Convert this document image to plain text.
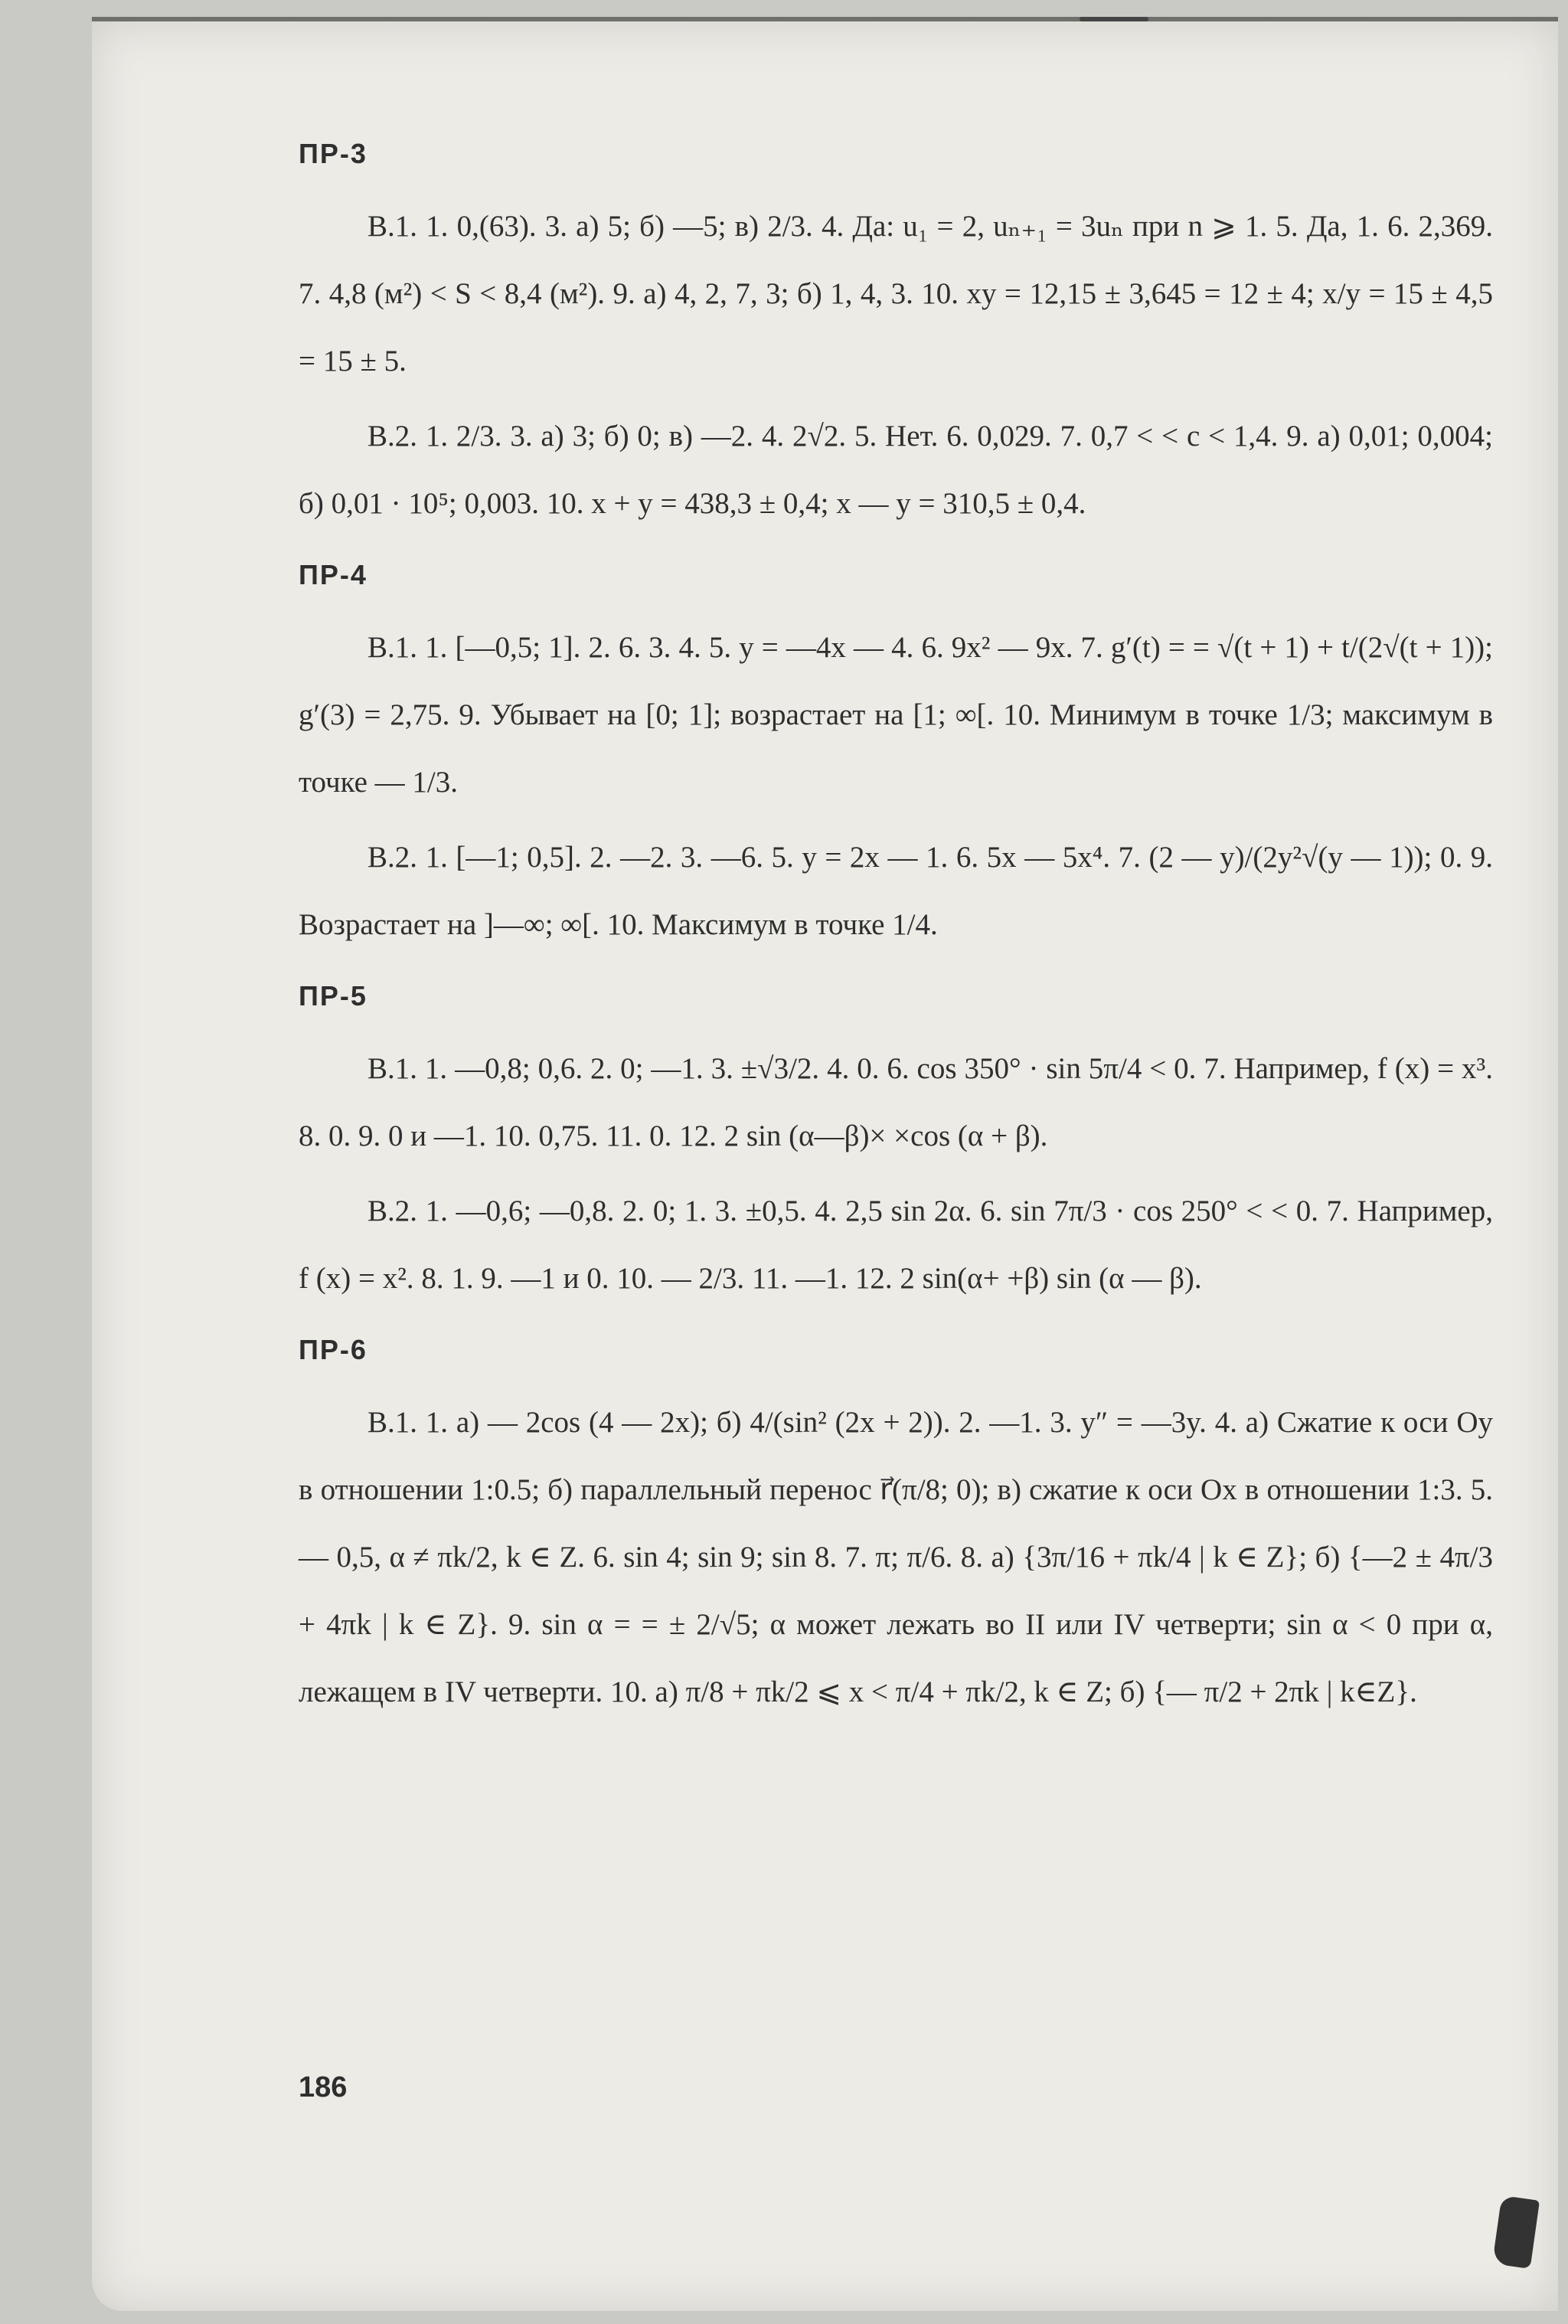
ПР-3

В.1. 1. 0,(63). 3. а) 5; б) —5; в) 2/3. 4. Да: u₁ = 2, uₙ₊₁ = 3uₙ при n ⩾ 1. 5. Да, 1. 6. 2,369. 7. 4,8 (м²) < S < 8,4 (м²). 9. а) 4, 2, 7, 3; б) 1, 4, 3. 10. xy = 12,15 ± 3,645 = 12 ± 4; x/y = 15 ± 4,5 = 15 ± 5.

В.2. 1. 2/3. 3. а) 3; б) 0; в) —2. 4. 2√2. 5. Нет. 6. 0,029. 7. 0,7 < < c < 1,4. 9. а) 0,01; 0,004; б) 0,01 · 10⁵; 0,003. 10. x + y = 438,3 ± 0,4; x — y = 310,5 ± 0,4.

ПР-4

В.1. 1. [—0,5; 1]. 2. 6. 3. 4. 5. y = —4x — 4. 6. 9x² — 9x. 7. g′(t) = = √(t + 1) + t/(2√(t + 1)); g′(3) = 2,75. 9. Убывает на [0; 1]; возрастает на [1; ∞[. 10. Минимум в точке 1/3; максимум в точке — 1/3.

В.2. 1. [—1; 0,5]. 2. —2. 3. —6. 5. y = 2x — 1. 6. 5x — 5x⁴. 7. (2 — y)/(2y²√(y — 1)); 0. 9. Возрастает на ]—∞; ∞[. 10. Максимум в точке 1/4.

ПР-5

В.1. 1. —0,8; 0,6. 2. 0; —1. 3. ±√3/2. 4. 0. 6. cos 350° · sin 5π/4 < 0. 7. Например, f (x) = x³. 8. 0. 9. 0 и —1. 10. 0,75. 11. 0. 12. 2 sin (α—β)× ×cos (α + β).

В.2. 1. —0,6; —0,8. 2. 0; 1. 3. ±0,5. 4. 2,5 sin 2α. 6. sin 7π/3 · cos 250° < < 0. 7. Например, f (x) = x². 8. 1. 9. —1 и 0. 10. — 2/3. 11. —1. 12. 2 sin(α+ +β) sin (α — β).

ПР-6

В.1. 1. а) — 2cos (4 — 2x); б) 4/(sin² (2x + 2)). 2. —1. 3. y″ = —3y. 4. а) Сжатие к оси Oy в отношении 1:0.5; б) параллельный перенос r⃗(π/8; 0); в) сжатие к оси Ox в отношении 1:3. 5. — 0,5, α ≠ πk/2, k ∈ Z. 6. sin 4; sin 9; sin 8. 7. π; π/6. 8. а) {3π/16 + πk/4 | k ∈ Z}; б) {—2 ± 4π/3 + 4πk | k ∈ Z}. 9. sin α = = ± 2/√5; α может лежать во II или IV четверти; sin α < 0 при α, лежащем в IV четверти. 10. а) π/8 + πk/2 ⩽ x < π/4 + πk/2, k ∈ Z; б) {— π/2 + 2πk | k∈Z}.

186
